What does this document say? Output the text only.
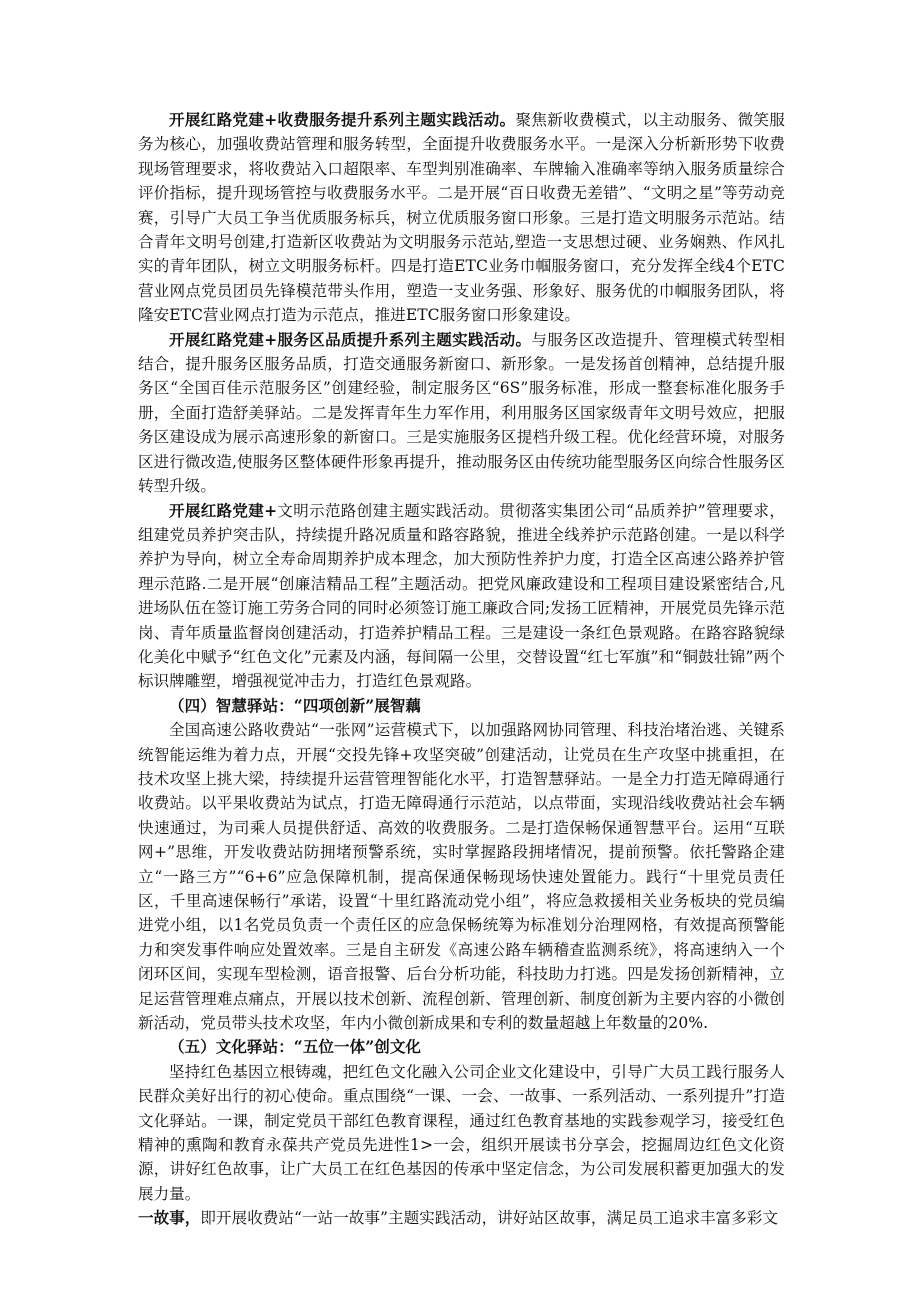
开展红路党建+收费服务提升系列主题实践活动。聚焦新收费模式，以主动服务、微笑服务为核心，加强收费站管理和服务转型，全面提升收费服务水平。一是深入分析新形势下收费现场管理要求，将收费站入口超限率、车型判别准确率、车牌输入准确率等纳入服务质量综合评价指标，提升现场管控与收费服务水平。二是开展“百日收费无差错”、“文明之星”等劳动竞赛，引导广大员工争当优质服务标兵，树立优质服务窗口形象。三是打造文明服务示范站。结合青年文明号创建,打造新区收费站为文明服务示范站,塑造一支思想过硬、业务娴熟、作风扎实的青年团队，树立文明服务标杆。四是打造ETC业务巾帼服务窗口，充分发挥全线4个ETC营业网点党员团员先锋模范带头作用，塑造一支业务强、形象好、服务优的巾帼服务团队，将隆安ETC营业网点打造为示范点，推进ETC服务窗口形象建设。

开展红路党建+服务区品质提升系列主题实践活动。与服务区改造提升、管理模式转型相结合，提升服务区服务品质，打造交通服务新窗口、新形象。一是发扬首创精神，总结提升服务区“全国百佳示范服务区”创建经验，制定服务区“6S”服务标准，形成一整套标准化服务手册，全面打造舒美驿站。二是发挥青年生力军作用，利用服务区国家级青年文明号效应，把服务区建设成为展示高速形象的新窗口。三是实施服务区提档升级工程。优化经营环境，对服务区进行微改造,使服务区整体硬件形象再提升，推动服务区由传统功能型服务区向综合性服务区转型升级。

开展红路党建+文明示范路创建主题实践活动。贯彻落实集团公司“品质养护”管理要求，组建党员养护突击队，持续提升路况质量和路容路貌，推进全线养护示范路创建。一是以科学养护为导向，树立全寿命周期养护成本理念，加大预防性养护力度，打造全区高速公路养护管理示范路.二是开展“创廉洁精品工程”主题活动。把党风廉政建设和工程项目建设紧密结合,凡进场队伍在签订施工劳务合同的同时必须签订施工廉政合同;发扬工匠精神，开展党员先锋示范岗、青年质量监督岗创建活动，打造养护精品工程。三是建设一条红色景观路。在路容路貌绿化美化中赋予“红色文化”元素及内涵，每间隔一公里，交替设置“红七军旗”和“铜鼓壮锦”两个标识牌雕塑，增强视觉冲击力，打造红色景观路。

（四）智慧驿站：“四项创新”展智藕

全国高速公路收费站“一张网”运营模式下，以加强路网协同管理、科技治堵治逃、关键系统智能运维为着力点，开展“交投先锋+攻坚突破”创建活动，让党员在生产攻坚中挑重担，在技术攻坚上挑大梁，持续提升运营管理智能化水平，打造智慧驿站。一是全力打造无障碍通行收费站。以平果收费站为试点，打造无障碍通行示范站，以点带面，实现沿线收费站社会车辆快速通过，为司乘人员提供舒适、高效的收费服务。二是打造保畅保通智慧平台。运用“互联网+”思维，开发收费站防拥堵预警系统，实时掌握路段拥堵情况，提前预警。依托警路企建立“一路三方”“6+6”应急保障机制，提高保通保畅现场快速处置能力。践行“十里党员责任区，千里高速保畅行”承诺，设置“十里红路流动党小组”，将应急救援相关业务板块的党员编进党小组，以1名党员负责一个责任区的应急保畅统筹为标准划分治理网格，有效提高预警能力和突发事件响应处置效率。三是自主研发《高速公路车辆稽查监测系统》，将高速纳入一个闭环区间，实现车型检测，语音报警、后台分析功能，科技助力打逃。四是发扬创新精神，立足运营管理难点痛点，开展以技术创新、流程创新、管理创新、制度创新为主要内容的小微创新活动，党员带头技术攻坚，年内小微创新成果和专利的数量超越上年数量的20%.

（五）文化驿站：“五位一体”创文化

坚持红色基因立根铸魂，把红色文化融入公司企业文化建设中，引导广大员工践行服务人民群众美好出行的初心使命。重点围绕“一课、一会、一故事、一系列活动、一系列提升”打造文化驿站。一课，制定党员干部红色教育课程，通过红色教育基地的实践参观学习，接受红色精神的熏陶和教育永葆共产党员先进性1>一会，组织开展读书分享会，挖掘周边红色文化资源，讲好红色故事，让广大员工在红色基因的传承中坚定信念，为公司发展积蓄更加强大的发展力量。

一故事，即开展收费站“一站一故事”主题实践活动，讲好站区故事，满足员工追求丰富多彩文
